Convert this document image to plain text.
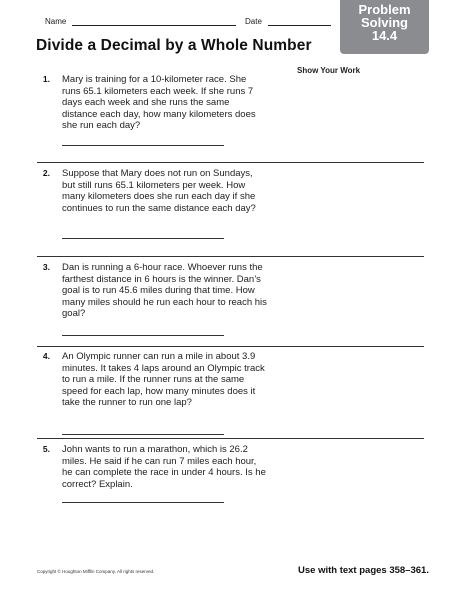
Name	Date
Problem
Solving
14.4
Divide a Decimal by a Whole Number
Show Your Work
1. Mary is training for a 10-kilometer race. She runs 65.1 kilometers each week. If she runs 7 days each week and she runs the same distance each day, how many kilometers does she run each day?
2. Suppose that Mary does not run on Sundays, but still runs 65.1 kilometers per week. How many kilometers does she run each day if she continues to run the same distance each day?
3. Dan is running a 6-hour race. Whoever runs the farthest distance in 6 hours is the winner. Dan’s goal is to run 45.6 miles during that time. How many miles should he run each hour to reach his goal?
4. An Olympic runner can run a mile in about 3.9 minutes. It takes 4 laps around an Olympic track to run a mile. If the runner runs at the same speed for each lap, how many minutes does it take the runner to run one lap?
5. John wants to run a marathon, which is 26.2 miles. He said if he can run 7 miles each hour, he can complete the race in under 4 hours. Is he correct? Explain.
Copyright © Houghton Mifflin Company. All rights reserved.	Use with text pages 358–361.
